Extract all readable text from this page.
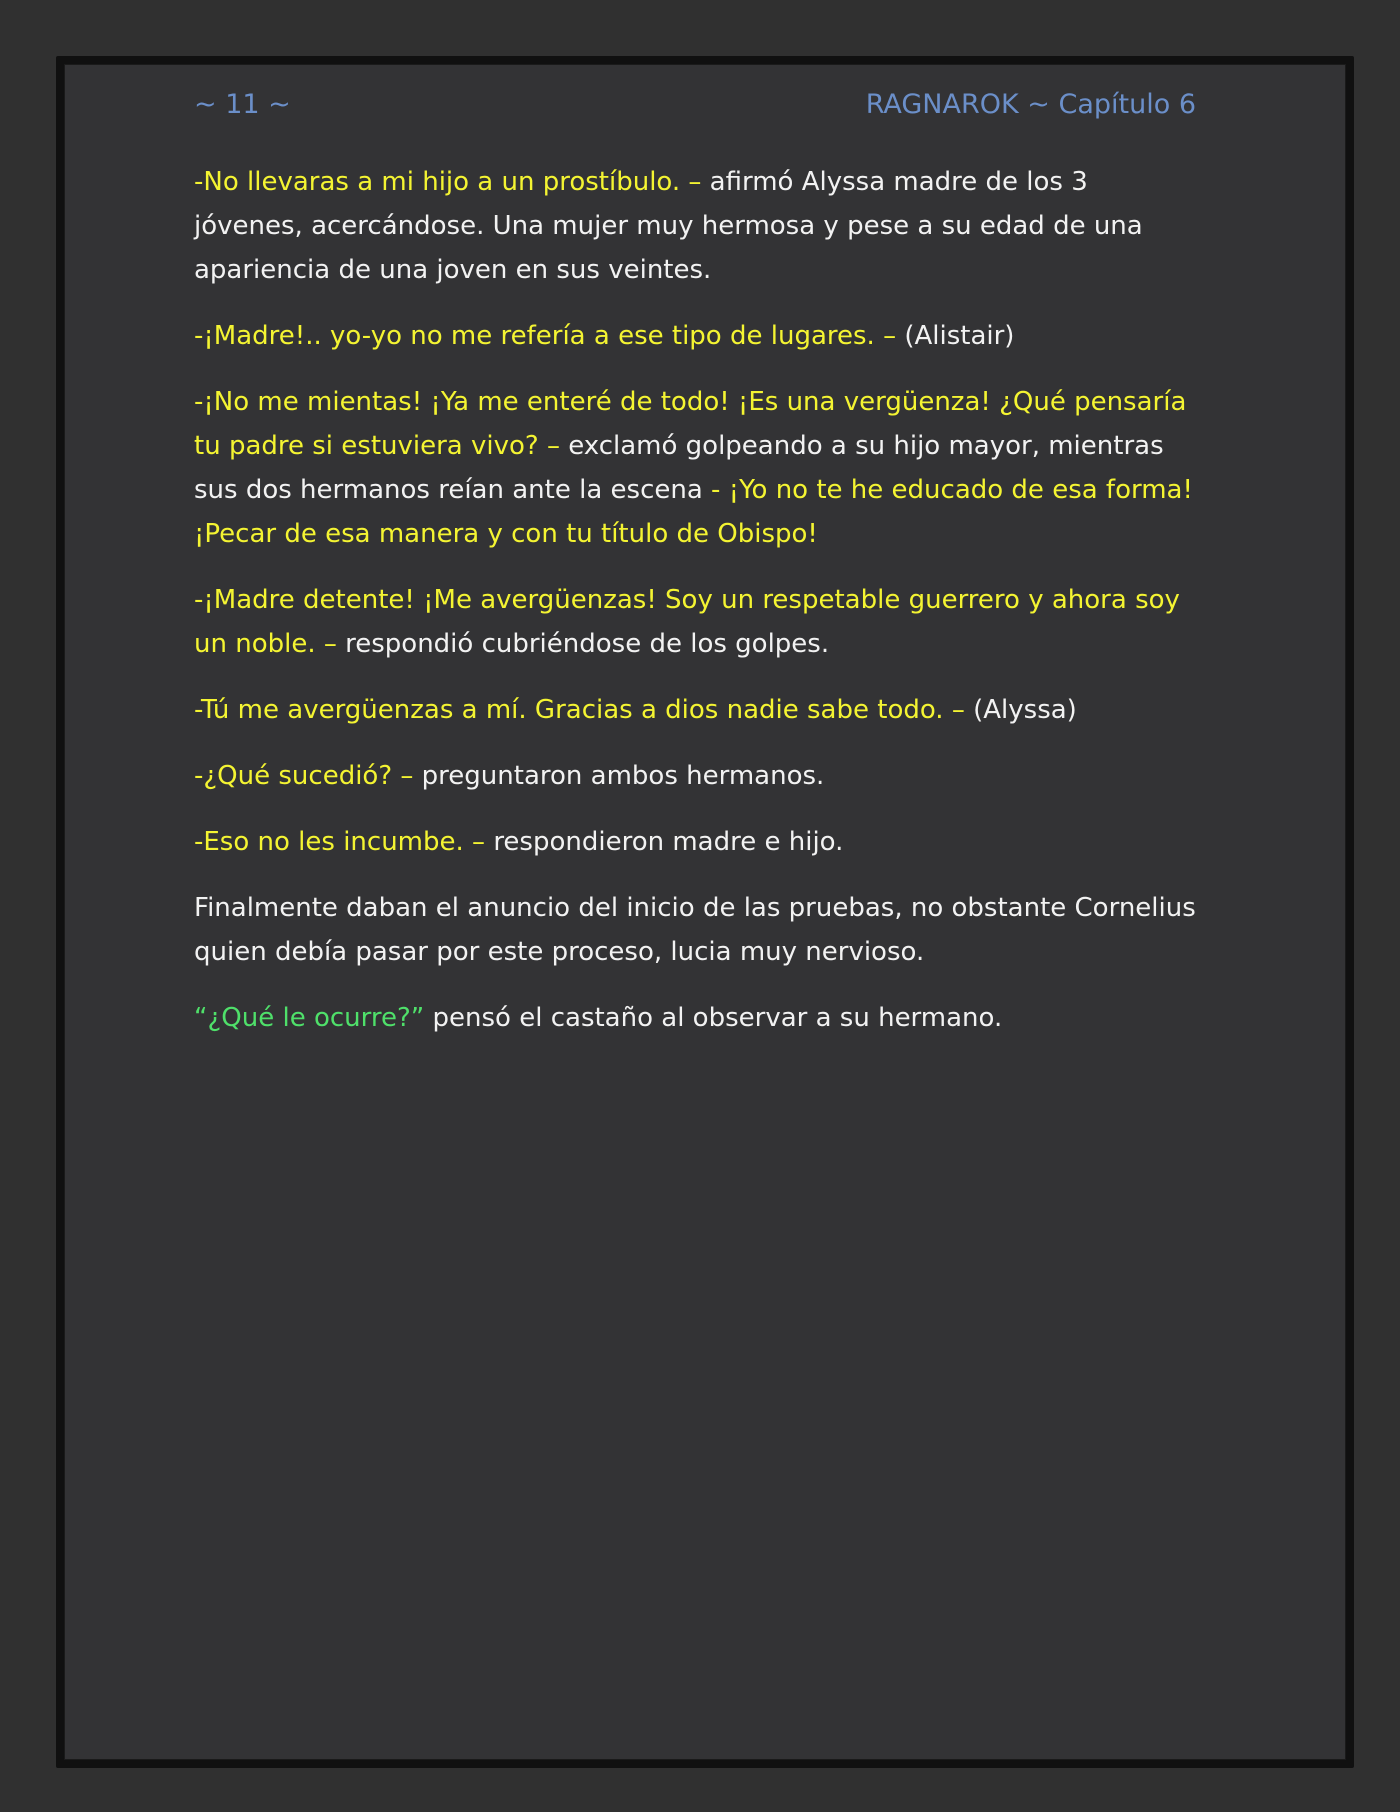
~ 11 ~	RAGNAROK ~ Capítulo 6

-No llevaras a mi hijo a un prostíbulo. – afirmó Alyssa madre de los 3 jóvenes, acercándose. Una mujer muy hermosa y pese a su edad de una apariencia de una joven en sus veintes.

-¡Madre!.. yo-yo no me refería a ese tipo de lugares. – (Alistair)

-¡No me mientas! ¡Ya me enteré de todo! ¡Es una vergüenza! ¿Qué pensaría tu padre si estuviera vivo? – exclamó golpeando a su hijo mayor, mientras sus dos hermanos reían ante la escena - ¡Yo no te he educado de esa forma! ¡Pecar de esa manera y con tu título de Obispo!

-¡Madre detente! ¡Me avergüenzas! Soy un respetable guerrero y ahora soy un noble. – respondió cubriéndose de los golpes.

-Tú me avergüenzas a mí. Gracias a dios nadie sabe todo. – (Alyssa)

-¿Qué sucedió? – preguntaron ambos hermanos.

-Eso no les incumbe. – respondieron madre e hijo.

Finalmente daban el anuncio del inicio de las pruebas, no obstante Cornelius quien debía pasar por este proceso, lucia muy nervioso.

“¿Qué le ocurre?” pensó el castaño al observar a su hermano.
